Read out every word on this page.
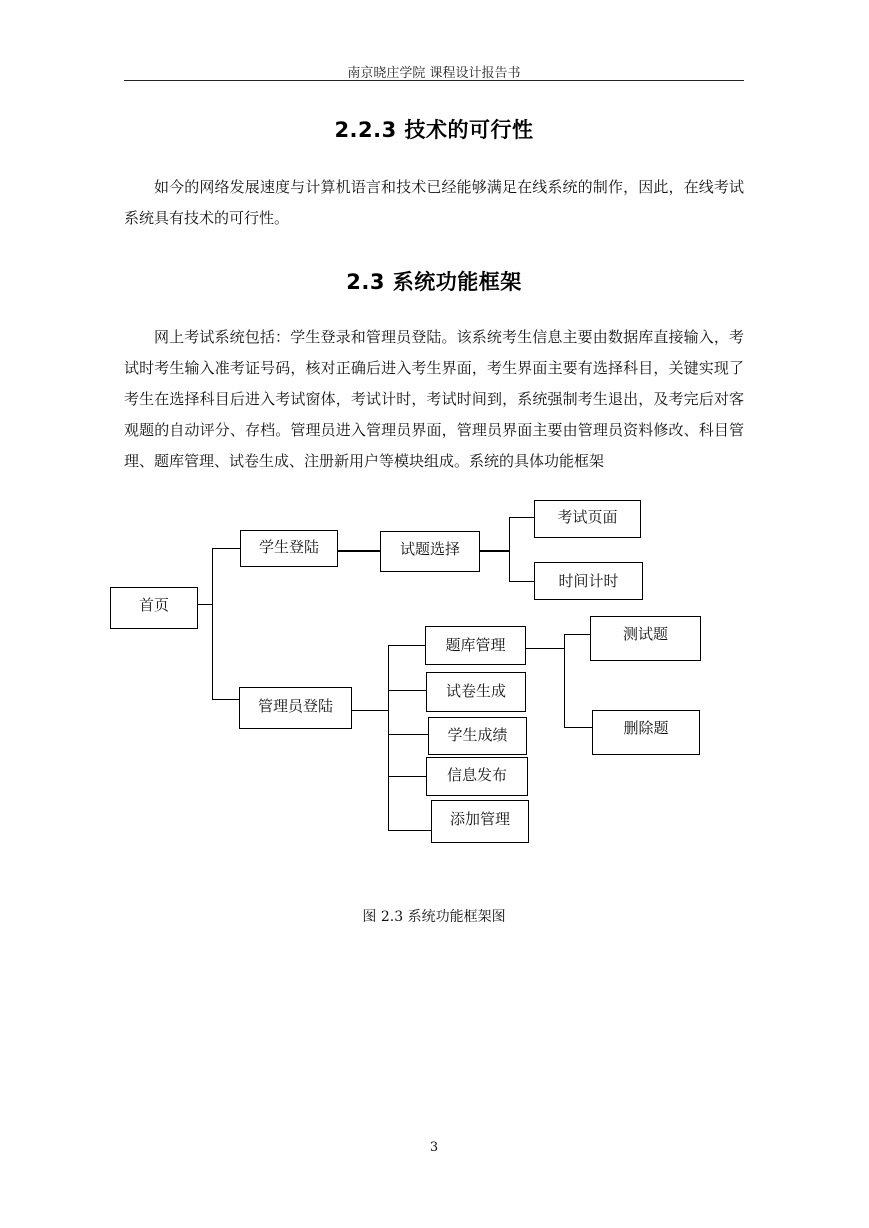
南京晓庄学院 课程设计报告书
2.2.3 技术的可行性
如今的网络发展速度与计算机语言和技术已经能够满足在线系统的制作，因此，在线考试系统具有技术的可行性。
2.3 系统功能框架
网上考试系统包括：学生登录和管理员登陆。该系统考生信息主要由数据库直接输入，考试时考生输入准考证号码，核对正确后进入考生界面，考生界面主要有选择科目，关键实现了考生在选择科目后进入考试窗体，考试计时，考试时间到，系统强制考生退出，及考完后对客观题的自动评分、存档。管理员进入管理员界面，管理员界面主要由管理员资料修改、科目管理、题库管理、试卷生成、注册新用户等模块组成。系统的具体功能框架
首页
学生登陆	试题选择
考试页面
时间计时
管理员登陆
题库管理
试卷生成
学生成绩
信息发布
添加管理
测试题
删除题
图 2.3 系统功能框架图
3
